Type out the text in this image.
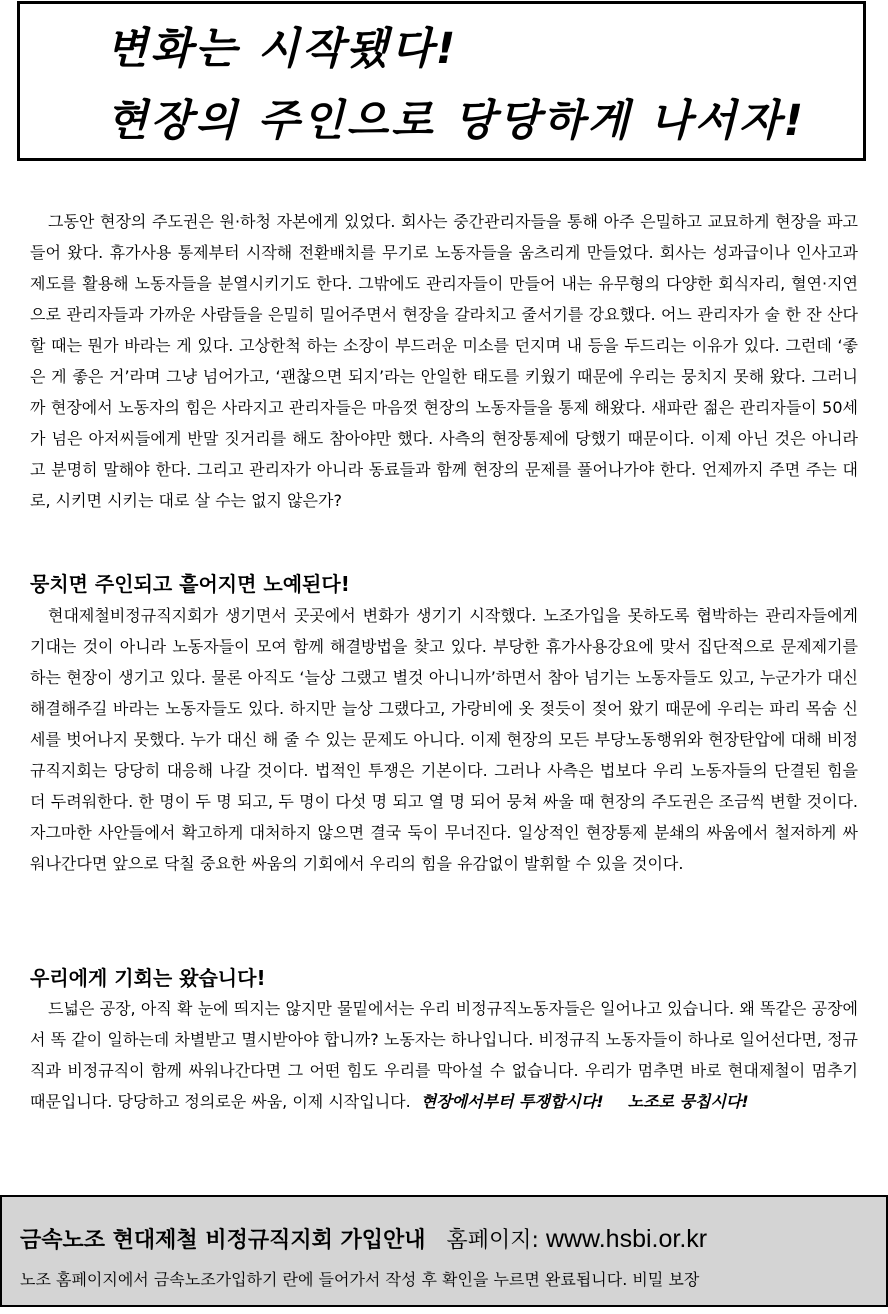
변화는 시작됐다!
현장의 주인으로 당당하게 나서자!

그동안 현장의 주도권은 원·하청 자본에게 있었다. 회사는 중간관리자들을 통해 아주 은밀하고 교묘하게 현장을 파고들어 왔다. 휴가사용 통제부터 시작해 전환배치를 무기로 노동자들을 움츠리게 만들었다. 회사는 성과급이나 인사고과제도를 활용해 노동자들을 분열시키기도 한다. 그밖에도 관리자들이 만들어 내는 유무형의 다양한 회식자리, 혈연·지연으로 관리자들과 가까운 사람들을 은밀히 밀어주면서 현장을 갈라치고 줄서기를 강요했다. 어느 관리자가 술 한 잔 산다 할 때는 뭔가 바라는 게 있다. 고상한척 하는 소장이 부드러운 미소를 던지며 내 등을 두드리는 이유가 있다. 그런데 ‘좋은 게 좋은 거’라며 그냥 넘어가고, ‘괜찮으면 되지’라는 안일한 태도를 키웠기 때문에 우리는 뭉치지 못해 왔다. 그러니까 현장에서 노동자의 힘은 사라지고 관리자들은 마음껏 현장의 노동자들을 통제 해왔다. 새파란 젊은 관리자들이 50세가 넘은 아저씨들에게 반말 짓거리를 해도 참아야만 했다. 사측의 현장통제에 당했기 때문이다. 이제 아닌 것은 아니라고 분명히 말해야 한다. 그리고 관리자가 아니라 동료들과 함께 현장의 문제를 풀어나가야 한다. 언제까지 주면 주는 대로, 시키면 시키는 대로 살 수는 없지 않은가?

뭉치면 주인되고 흩어지면 노예된다!

현대제철비정규직지회가 생기면서 곳곳에서 변화가 생기기 시작했다. 노조가입을 못하도록 협박하는 관리자들에게 기대는 것이 아니라 노동자들이 모여 함께 해결방법을 찾고 있다. 부당한 휴가사용강요에 맞서 집단적으로 문제제기를 하는 현장이 생기고 있다. 물론 아직도 ‘늘상 그랬고 별것 아니니까’하면서 참아 넘기는 노동자들도 있고, 누군가가 대신 해결해주길 바라는 노동자들도 있다. 하지만 늘상 그랬다고, 가랑비에 옷 젖듯이 젖어 왔기 때문에 우리는 파리 목숨 신세를 벗어나지 못했다. 누가 대신 해 줄 수 있는 문제도 아니다. 이제 현장의 모든 부당노동행위와 현장탄압에 대해 비정규직지회는 당당히 대응해 나갈 것이다. 법적인 투쟁은 기본이다. 그러나 사측은 법보다 우리 노동자들의 단결된 힘을 더 두려워한다. 한 명이 두 명 되고, 두 명이 다섯 명 되고 열 명 되어 뭉쳐 싸울 때 현장의 주도권은 조금씩 변할 것이다. 자그마한 사안들에서 확고하게 대처하지 않으면 결국 둑이 무너진다. 일상적인 현장통제 분쇄의 싸움에서 철저하게 싸워나간다면 앞으로 닥칠 중요한 싸움의 기회에서 우리의 힘을 유감없이 발휘할 수 있을 것이다.

우리에게 기회는 왔습니다!

드넓은 공장, 아직 확 눈에 띄지는 않지만 물밑에서는 우리 비정규직노동자들은 일어나고 있습니다. 왜 똑같은 공장에서 똑 같이 일하는데 차별받고 멸시받아야 합니까? 노동자는 하나입니다. 비정규직 노동자들이 하나로 일어선다면, 정규직과 비정규직이 함께 싸워나간다면 그 어떤 힘도 우리를 막아설 수 없습니다. 우리가 멈추면 바로 현대제철이 멈추기 때문입니다. 당당하고 정의로운 싸움, 이제 시작입니다. 현장에서부터 투쟁합시다! 노조로 뭉칩시다!

금속노조 현대제철 비정규직지회 가입안내 홈페이지: www.hsbi.or.kr
노조 홈페이지에서 금속노조가입하기 란에 들어가서 작성 후 확인을 누르면 완료됩니다. 비밀 보장
